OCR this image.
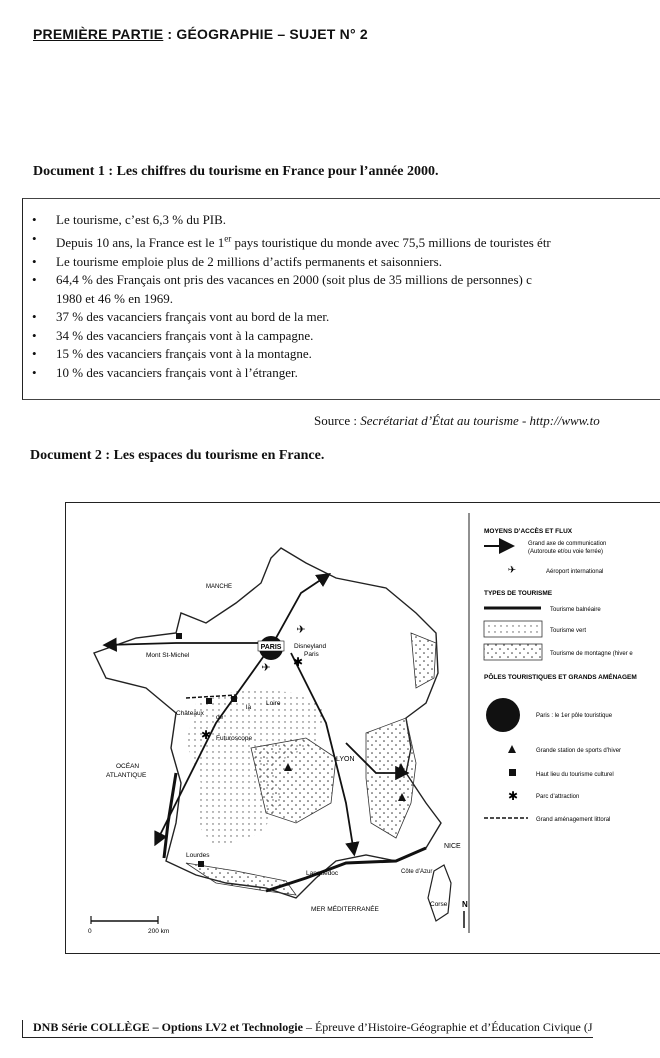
PREMIÈRE PARTIE : GÉOGRAPHIE – SUJET N° 2
Document 1 : Les chiffres du tourisme en France pour l’année 2000.
• Le tourisme, c’est 6,3 % du PIB.
• Depuis 10 ans, la France est le 1er pays touristique du monde avec 75,5 millions de touristes étr
• Le tourisme emploie plus de 2 millions d’actifs permanents et saisonniers.
• 64,4 % des Français ont pris des vacances en 2000 (soit plus de 35 millions de personnes) c
1980 et 46 % en 1969.
• 37 % des vacanciers français vont au bord de la mer.
• 34 % des vacanciers français vont à la campagne.
• 15 % des vacanciers français vont à la montagne.
• 10 % des vacanciers français vont à l’étranger.
Source : Secrétariat d’État au tourisme - http://www.to
Document 2 : Les espaces du tourisme en France.
PARIS
✱
✱
✈
✈
MANCHE
Mont St-Michel
Disneyland
Paris
Châteaux
de
la
Loire
Futuroscope
OCÉAN
ATLANTIQUE
LYON
Lourdes
Languedoc
MER MÉDITERRANÉE
NICE
Côte d’Azur
Corse N
0	200 km
MOYENS D’ACCÈS ET FLUX
Grand axe de communication
(Autoroute et/ou voie ferrée)
✈	Aéroport international
TYPES DE TOURISME
Tourisme balnéaire
Tourisme vert
Tourisme de montagne (hiver e
PÔLES TOURISTIQUES ET GRANDS AMÉNAGEM
Paris : le 1er pôle touristique
Grande station de sports d’hiver
Haut lieu du tourisme culturel
✱	Parc d’attraction
Grand aménagement littoral
DNB Série COLLÈGE – Options LV2 et Technologie – Épreuve d’Histoire-Géographie et d’Éducation Civique (J
